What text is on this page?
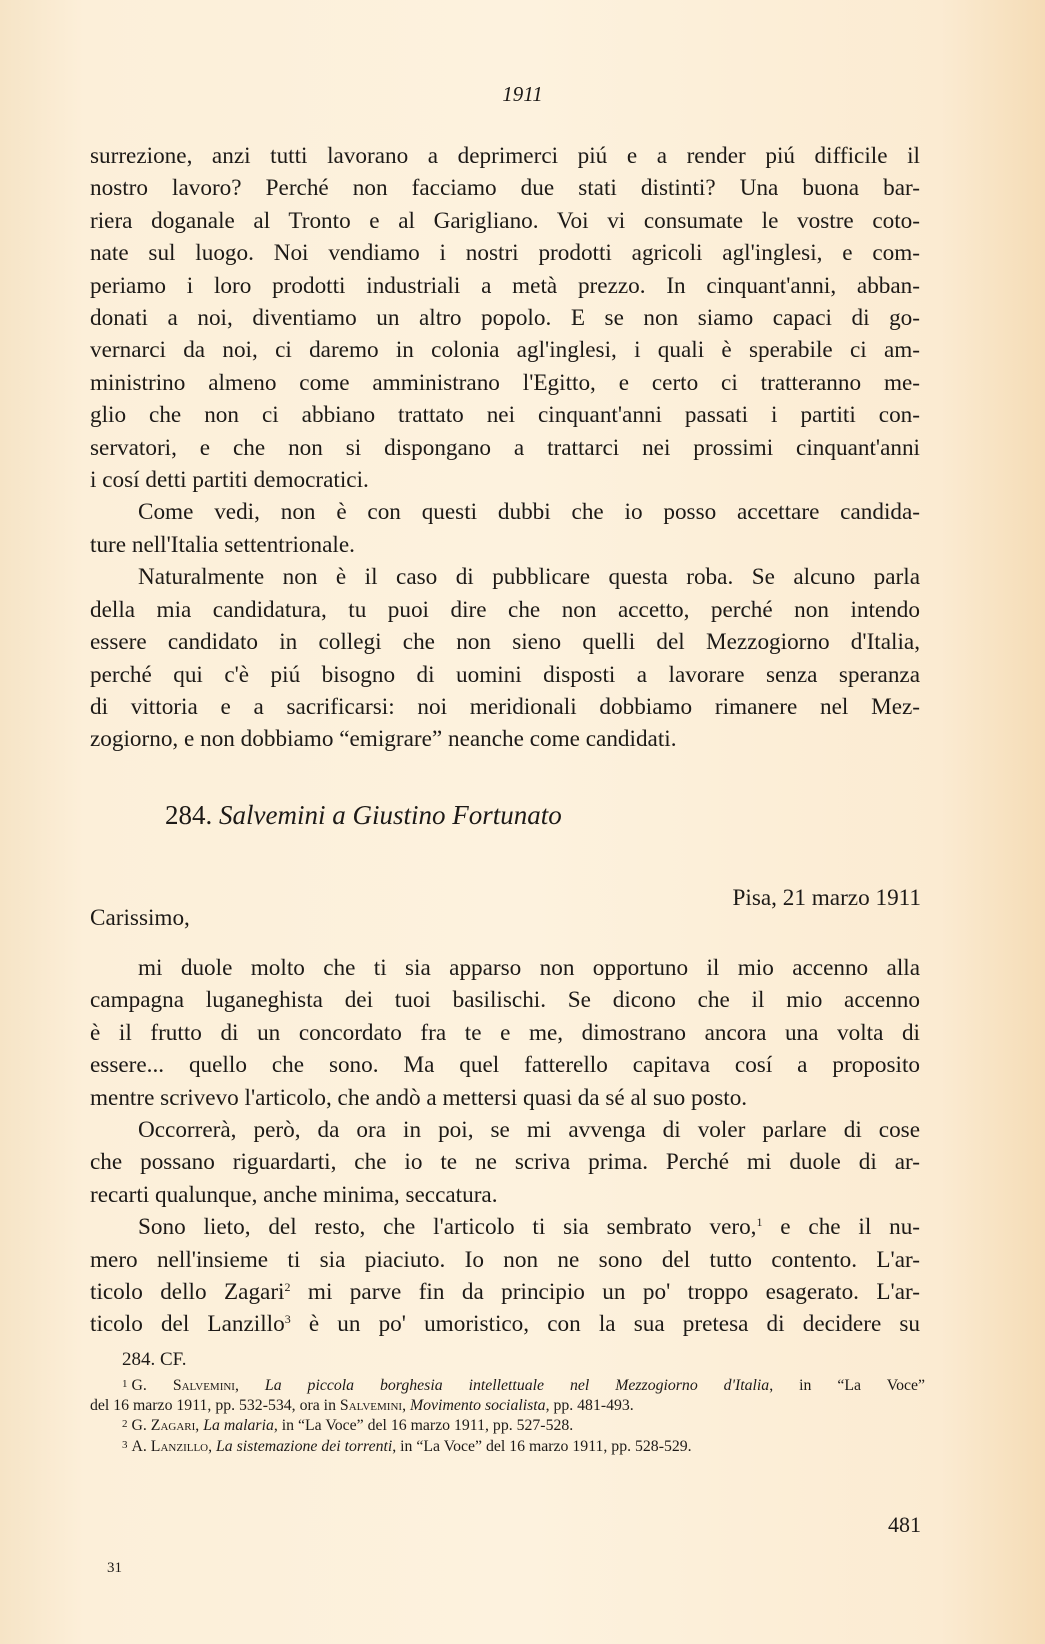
1911
surrezione, anzi tutti lavorano a deprimerci piú e a render piú difficile il
nostro lavoro? Perché non facciamo due stati distinti? Una buona bar-
riera doganale al Tronto e al Garigliano. Voi vi consumate le vostre coto-
nate sul luogo. Noi vendiamo i nostri prodotti agricoli agl'inglesi, e com-
periamo i loro prodotti industriali a metà prezzo. In cinquant'anni, abban-
donati a noi, diventiamo un altro popolo. E se non siamo capaci di go-
vernarci da noi, ci daremo in colonia agl'inglesi, i quali è sperabile ci am-
ministrino almeno come amministrano l'Egitto, e certo ci tratteranno me-
glio che non ci abbiano trattato nei cinquant'anni passati i partiti con-
servatori, e che non si dispongano a trattarci nei prossimi cinquant'anni
i cosí detti partiti democratici.
Come vedi, non è con questi dubbi che io posso accettare candida-
ture nell'Italia settentrionale.
Naturalmente non è il caso di pubblicare questa roba. Se alcuno parla
della mia candidatura, tu puoi dire che non accetto, perché non intendo
essere candidato in collegi che non sieno quelli del Mezzogiorno d'Italia,
perché qui c'è piú bisogno di uomini disposti a lavorare senza speranza
di vittoria e a sacrificarsi: noi meridionali dobbiamo rimanere nel Mez-
zogiorno, e non dobbiamo “emigrare” neanche come candidati.
284. Salvemini a Giustino Fortunato
Pisa, 21 marzo 1911
Carissimo,
mi duole molto che ti sia apparso non opportuno il mio accenno alla
campagna luganeghista dei tuoi basilischi. Se dicono che il mio accenno
è il frutto di un concordato fra te e me, dimostrano ancora una volta di
essere... quello che sono. Ma quel fatterello capitava cosí a proposito
mentre scrivevo l'articolo, che andò a mettersi quasi da sé al suo posto.
Occorrerà, però, da ora in poi, se mi avvenga di voler parlare di cose
che possano riguardarti, che io te ne scriva prima. Perché mi duole di ar-
recarti qualunque, anche minima, seccatura.
Sono lieto, del resto, che l'articolo ti sia sembrato vero,$^1$ e che il nu-
mero nell'insieme ti sia piaciuto. Io non ne sono del tutto contento. L'ar-
ticolo dello Zagari$^2$ mi parve fin da principio un po' troppo esagerato. L'ar-
ticolo del Lanzillo$^3$ è un po' umoristico, con la sua pretesa di decidere su
284. CF.
1 G. Salvemini, La piccola borghesia intellettuale nel Mezzogiorno d'Italia, in “La Voce”
del 16 marzo 1911, pp. 532-534, ora in Salvemini, Movimento socialista, pp. 481-493.
2 G. Zagari, La malaria, in “La Voce” del 16 marzo 1911, pp. 527-528.
3 A. Lanzillo, La sistemazione dei torrenti, in “La Voce” del 16 marzo 1911, pp. 528-529.
481
31
